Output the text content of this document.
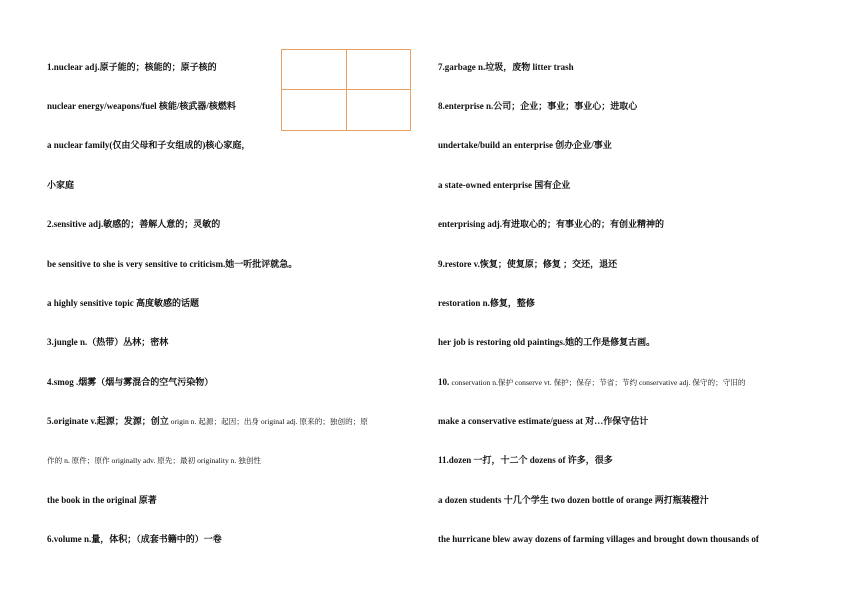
1.nuclear adj.原子能的；核能的；原子核的
nuclear energy/weapons/fuel 核能/核武器/核燃料
a nuclear family(仅由父母和子女组成的)核心家庭，
小家庭
2.sensitive adj.敏感的；善解人意的；灵敏的
be sensitive to she is very sensitive to criticism.她一听批评就急。
a highly sensitive topic 高度敏感的话题
3.jungle n.（热带）丛林；密林
4.smog .烟雾（烟与雾混合的空气污染物）
5.originate v.起源；发源；创立 origin n. 起源；起因；出身 original adj. 原来的；独创的；原
作的 n. 原件；原作 originally adv. 原先；最初 originality n. 独创性
the book in the original 原著
6.volume n.量，体积；（成套书籍中的）一卷
7.garbage n.垃圾，废物 litter trash
8.enterprise n.公司；企业；事业；事业心；进取心
undertake/build an enterprise 创办企业/事业
a state-owned enterprise 国有企业
enterprising adj.有进取心的；有事业心的；有创业精神的
9.restore v.恢复；使复原；修复 ；交还，退还
restoration n.修复，整修
her job is restoring old paintings.她的工作是修复古画。
10. conservation n.保护 conserve vt. 保护；保存；节省；节约 conservative adj. 保守的；守旧的
make a conservative estimate/guess at 对…作保守估计
11.dozen 一打，十二个 dozens of 许多，很多
a dozen students 十几个学生 two dozen bottle of orange 两打瓶装橙汁
the hurricane blew away dozens of farming villages and brought down thousands of
